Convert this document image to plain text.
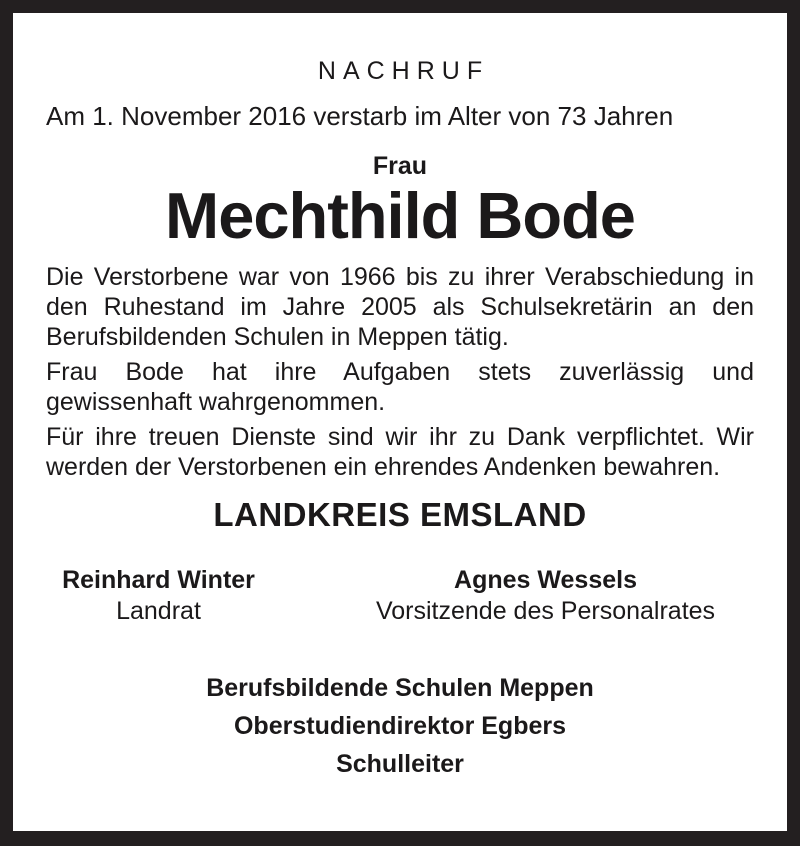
NACHRUF
Am 1. November 2016 verstarb im Alter von 73 Jahren
Frau
Mechthild Bode

Die Verstorbene war von 1966 bis zu ihrer Verabschiedung in den Ruhestand im Jahre 2005 als Schulsekretärin an den Berufsbildenden Schulen in Meppen tätig.

Frau Bode hat ihre Aufgaben stets zuverlässig und gewissenhaft wahrgenommen.

Für ihre treuen Dienste sind wir ihr zu Dank verpflichtet. Wir werden der Verstorbenen ein ehrendes Andenken bewahren.

LANDKREIS EMSLAND
Reinhard Winter
Landrat
Agnes Wessels
Vorsitzende des Personalrates
Berufsbildende Schulen Meppen
Oberstudiendirektor Egbers
Schulleiter
